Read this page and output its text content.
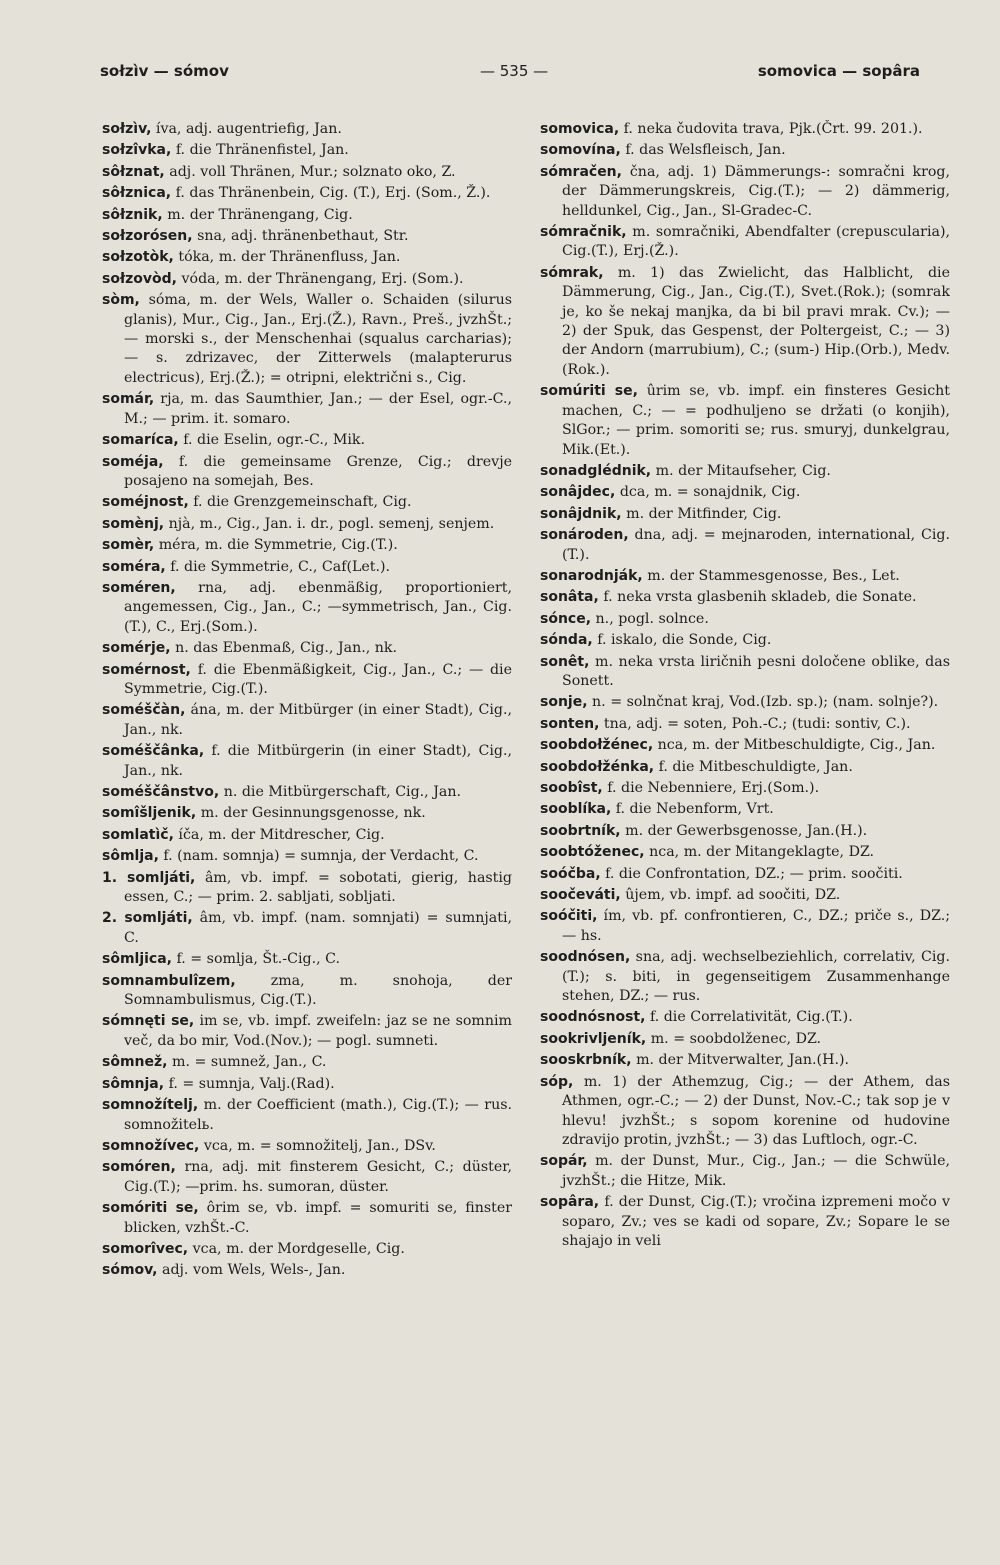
sołzìv — sómov	— 535 —	somovica — sopâra

sołzìv, íva, adj. augentriefig, Jan.

sołzîvka, f. die Thränenfistel, Jan.

sôłznat, adj. voll Thränen, Mur.; solznato oko, Z.

sôłznica, f. das Thränenbein, Cig. (T.), Erj. (Som., Ž.).

sôłznik, m. der Thränengang, Cig.

sołzorósen, sna, adj. thränenbethaut, Str.

sołzotòk, tóka, m. der Thränenfluss, Jan.

sołzovòd, vóda, m. der Thränengang, Erj. (Som.).

sòm, sóma, m. der Wels, Waller o. Schaiden (silurus glanis), Mur., Cig., Jan., Erj.(Ž.), Ravn., Preš., jvzhŠt.; — morski s., der Menschenhai (squalus carcharias); — s. zdrizavec, der Zitterwels (malapterurus electricus), Erj.(Ž.); = otripni, električni s., Cig.

somár, rja, m. das Saumthier, Jan.; — der Esel, ogr.-C., M.; — prim. it. somaro.

somaríca, f. die Eselin, ogr.-C., Mik.

soméja, f. die gemeinsame Grenze, Cig.; drevje posajeno na somejah, Bes.

soméjnost, f. die Grenzgemeinschaft, Cig.

somènj, njà, m., Cig., Jan. i. dr., pogl. semenj, senjem.

somèr, méra, m. die Symmetrie, Cig.(T.).

soméra, f. die Symmetrie, C., Caf(Let.).

soméren, rna, adj. ebenmäßig, proportioniert, angemessen, Cig., Jan., C.; —symmetrisch, Jan., Cig.(T.), C., Erj.(Som.).

somérje, n. das Ebenmaß, Cig., Jan., nk.

somérnost, f. die Ebenmäßigkeit, Cig., Jan., C.; — die Symmetrie, Cig.(T.).

soméščàn, ána, m. der Mitbürger (in einer Stadt), Cig., Jan., nk.

soméščânka, f. die Mitbürgerin (in einer Stadt), Cig., Jan., nk.

soméščânstvo, n. die Mitbürgerschaft, Cig., Jan.

somîšljenik, m. der Gesinnungsgenosse, nk.

somlatìč, íča, m. der Mitdrescher, Cig.

sômlja, f. (nam. somnja) = sumnja, der Verdacht, C.

1. somljáti, âm, vb. impf. = sobotati, gierig, hastig essen, C.; — prim. 2. sabljati, sobljati.

2. somljáti, âm, vb. impf. (nam. somnjati) = sumnjati, C.

sômljica, f. = somlja, Št.-Cig., C.

somnambulîzem, zma, m. snohoja, der Somnambulismus, Cig.(T.).

sómnęti se, im se, vb. impf. zweifeln: jaz se ne somnim več, da bo mir, Vod.(Nov.); — pogl. sumneti.

sômnež, m. = sumnež, Jan., C.

sômnja, f. = sumnja, Valj.(Rad).

somnožítelj, m. der Coefficient (math.), Cig.(T.); — rus. somnožitelь.

somnožívec, vca, m. = somnožitelj, Jan., DSv.

somóren, rna, adj. mit finsterem Gesicht, C.; düster, Cig.(T.); —prim. hs. sumoran, düster.

somóriti se, ôrim se, vb. impf. = somuriti se, finster blicken, vzhŠt.-C.

somorîvec, vca, m. der Mordgeselle, Cig.

sómov, adj. vom Wels, Wels-, Jan.

somovica, f. neka čudovita trava, Pjk.(Črt. 99. 201.).

somovína, f. das Welsfleisch, Jan.

sómračen, čna, adj. 1) Dämmerungs-: somračni krog, der Dämmerungskreis, Cig.(T.); — 2) dämmerig, helldunkel, Cig., Jan., Sl-Gradec-C.

sómračnik, m. somračniki, Abendfalter (crepuscularia), Cig.(T.), Erj.(Ž.).

sómrak, m. 1) das Zwielicht, das Halblicht, die Dämmerung, Cig., Jan., Cig.(T.), Svet.(Rok.); (somrak je, ko še nekaj manjka, da bi bil pravi mrak. Cv.); — 2) der Spuk, das Gespenst, der Poltergeist, C.; — 3) der Andorn (marrubium), C.; (sum-) Hip.(Orb.), Medv.(Rok.).

somúriti se, ûrim se, vb. impf. ein finsteres Gesicht machen, C.; — = podhuljeno se držati (o konjih), SlGor.; — prim. somoriti se; rus. smuryj, dunkelgrau, Mik.(Et.).

sonadglédnik, m. der Mitaufseher, Cig.

sonâjdec, dca, m. = sonajdnik, Cig.

sonâjdnik, m. der Mitfinder, Cig.

sonároden, dna, adj. = mejnaroden, international, Cig.(T.).

sonarodnják, m. der Stammesgenosse, Bes., Let.

sonâta, f. neka vrsta glasbenih skladeb, die Sonate.

sónce, n., pogl. solnce.

sónda, f. iskalo, die Sonde, Cig.

sonêt, m. neka vrsta liričnih pesni določene oblike, das Sonett.

sonje, n. = solnčnat kraj, Vod.(Izb. sp.); (nam. solnje?).

sonten, tna, adj. = soten, Poh.-C.; (tudi: sontiv, C.).

soobdołžénec, nca, m. der Mitbeschuldigte, Cig., Jan.

soobdołžénka, f. die Mitbeschuldigte, Jan.

soobîst, f. die Nebenniere, Erj.(Som.).

sooblíka, f. die Nebenform, Vrt.

soobrtník, m. der Gewerbsgenosse, Jan.(H.).

soobtóženec, nca, m. der Mitangeklagte, DZ.

soóčba, f. die Confrontation, DZ.; — prim. soočiti.

soočeváti, ûjem, vb. impf. ad soočiti, DZ.

soóčiti, ím, vb. pf. confrontieren, C., DZ.; priče s., DZ.; — hs.

soodnósen, sna, adj. wechselbeziehlich, correlativ, Cig.(T.); s. biti, in gegenseitigem Zusammenhange stehen, DZ.; — rus.

soodnósnost, f. die Correlativität, Cig.(T.).

sookrivljeník, m. = soobdolženec, DZ.

sooskrbník, m. der Mitverwalter, Jan.(H.).

sóp, m. 1) der Athemzug, Cig.; — der Athem, das Athmen, ogr.-C.; — 2) der Dunst, Nov.-C.; tak sop je v hlevu! jvzhŠt.; s sopom korenine od hudovine zdravijo protin, jvzhŠt.; — 3) das Luftloch, ogr.-C.

sopár, m. der Dunst, Mur., Cig., Jan.; — die Schwüle, jvzhŠt.; die Hitze, Mik.

sopâra, f. der Dunst, Cig.(T.); vročina izpremeni močo v soparo, Zv.; ves se kadi od sopare, Zv.; Sopare le se shajajo in veli
